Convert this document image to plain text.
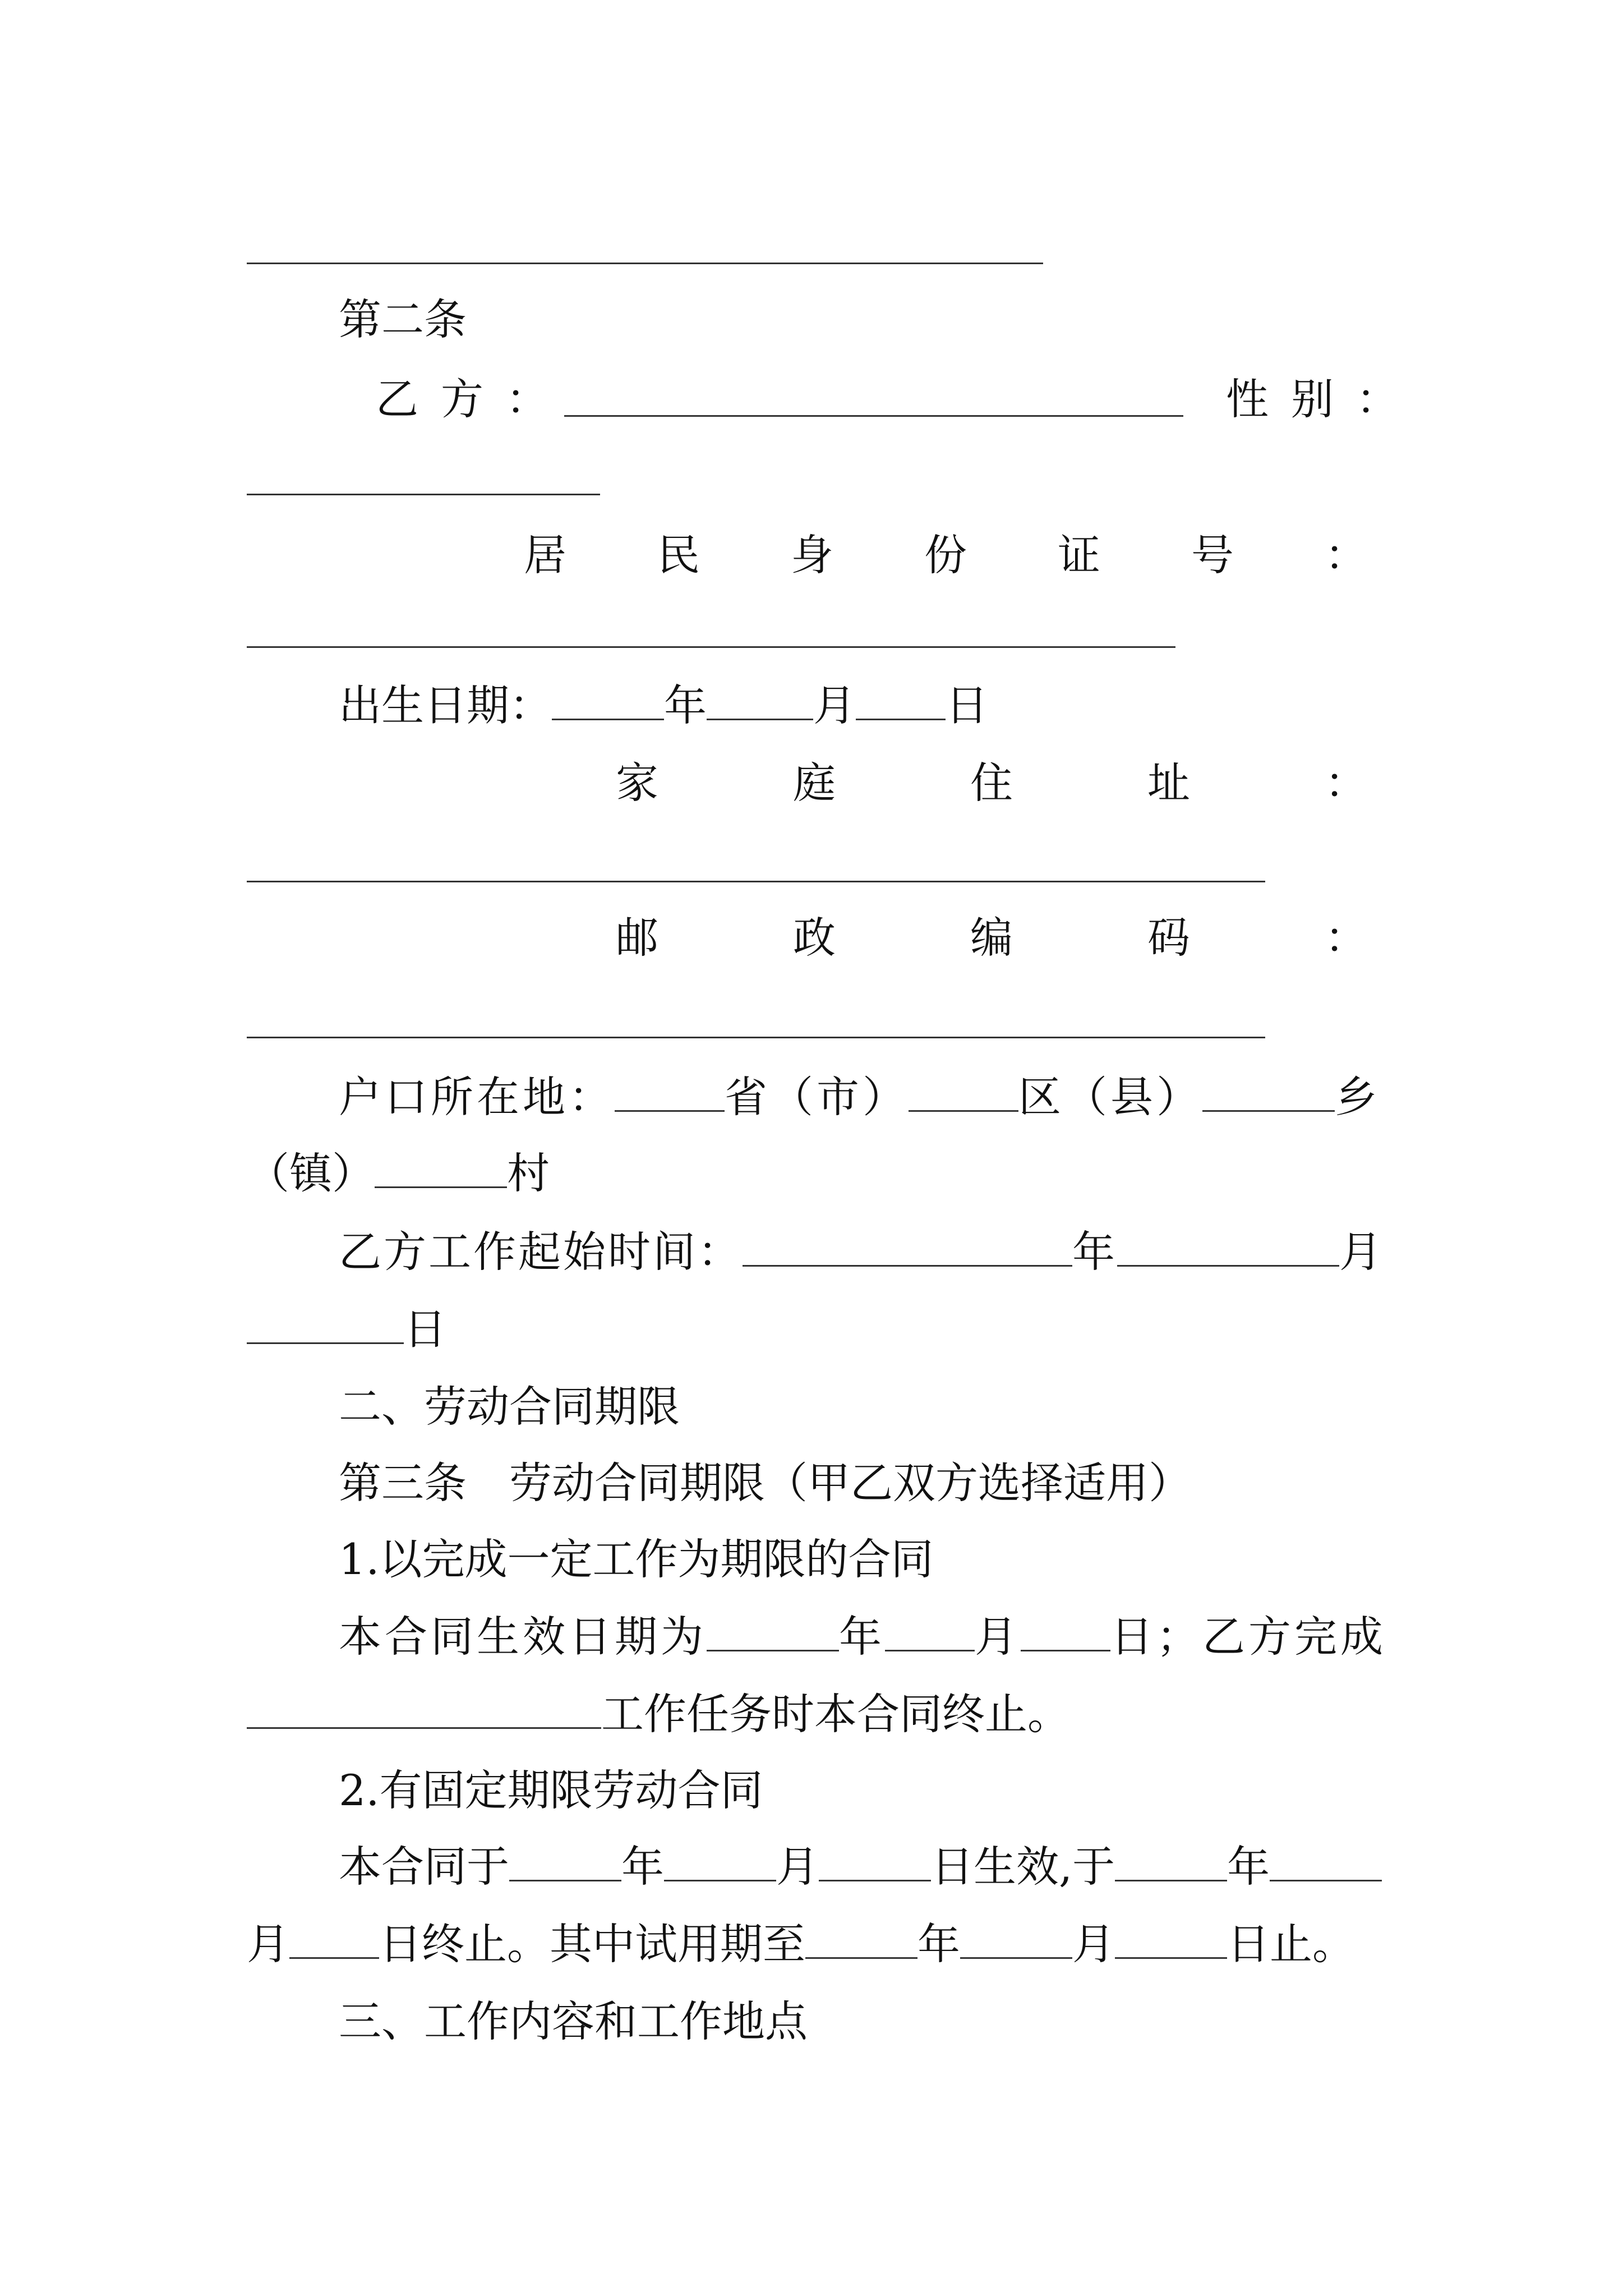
第二条
乙方：	性别：
居 民 身 份 证 号 ：
出生日期：	年	月 日
家	庭	住	址	：
邮	政	编	码	：
户口所在地：	省（市）	区（县）	乡
（镇）	村
乙方工作起始时间：	年	月
日
二、劳动合同期限
第三条　劳动合同期限（甲乙双方选择适用）
1.以完成一定工作为期限的合同
本合同生效日期为	年 月 日；乙方完成
工作任务时本合同终止。
2.有固定期限劳动合同
本合同于	年	月	日生效,于	年
月 日终止。其中试用期至	年	月	日止。
三、工作内容和工作地点
